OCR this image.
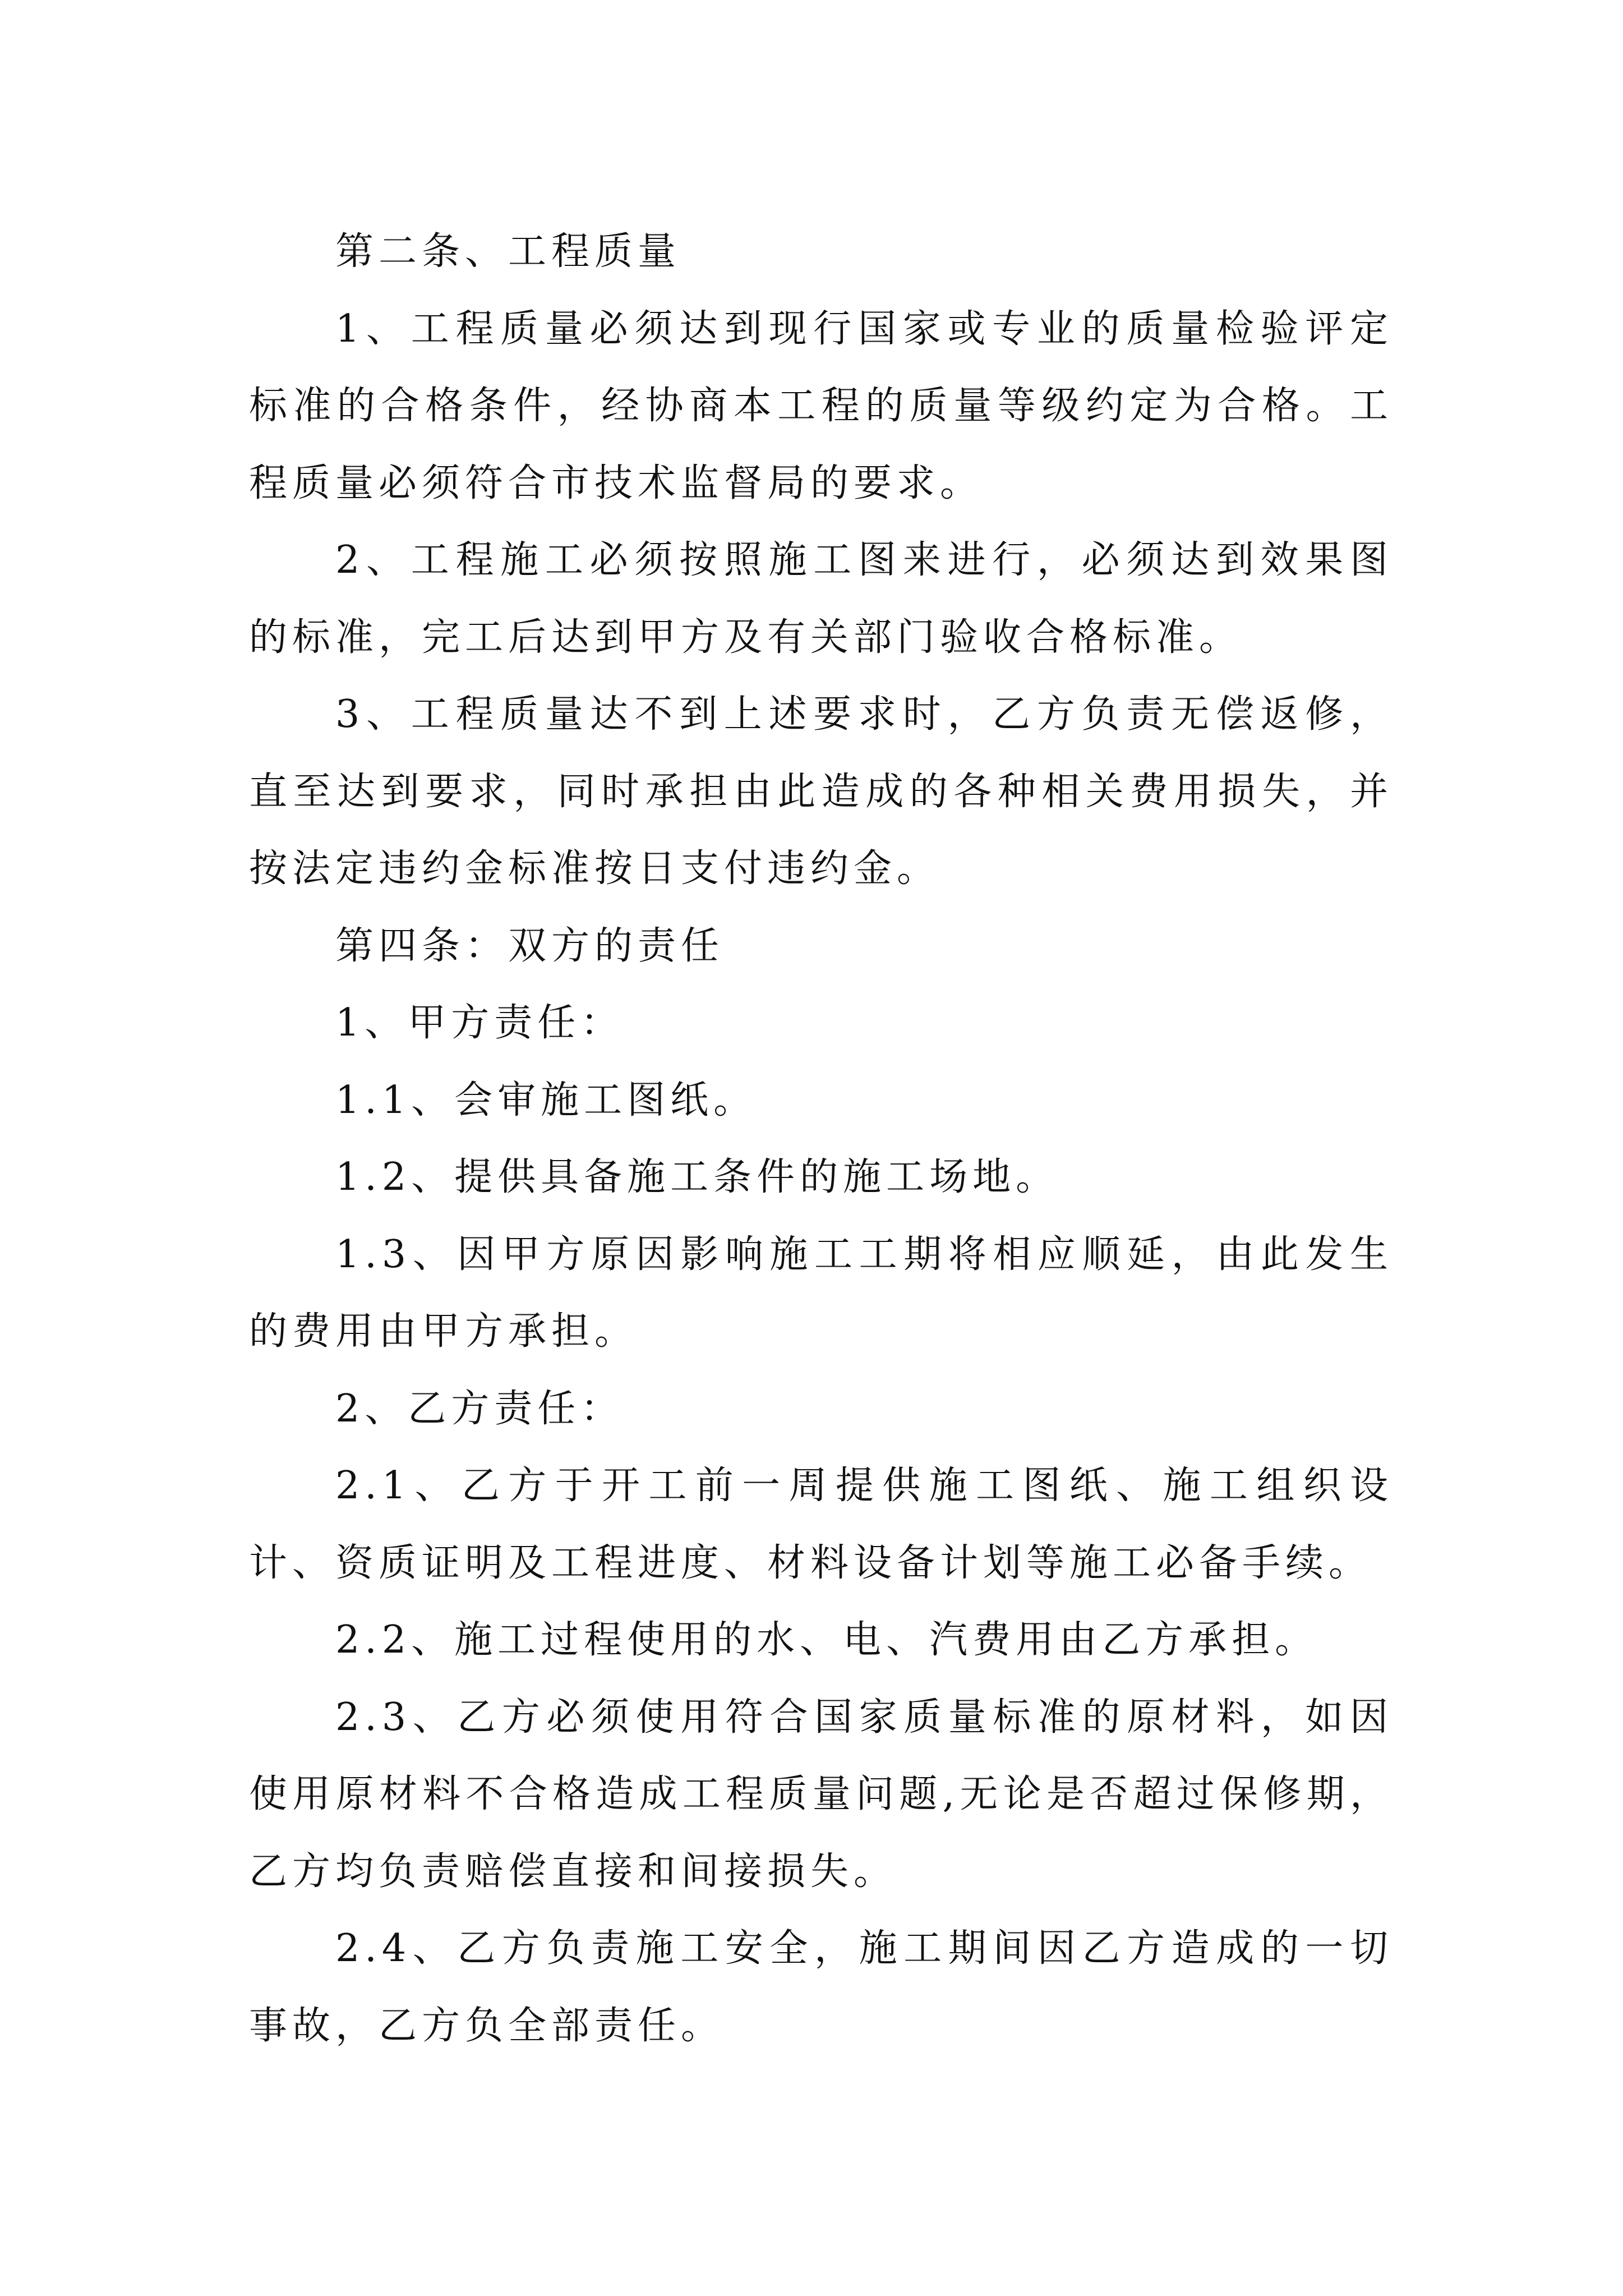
第二条、工程质量

1、工程质量必须达到现行国家或专业的质量检验评定标准的合格条件，经协商本工程的质量等级约定为合格。工程质量必须符合市技术监督局的要求。

2、工程施工必须按照施工图来进行，必须达到效果图的标准，完工后达到甲方及有关部门验收合格标准。

3、工程质量达不到上述要求时，乙方负责无偿返修，直至达到要求，同时承担由此造成的各种相关费用损失，并按法定违约金标准按日支付违约金。

第四条：双方的责任

1、甲方责任：

1.1、会审施工图纸。

1.2、提供具备施工条件的施工场地。

1.3、因甲方原因影响施工工期将相应顺延，由此发生的费用由甲方承担。

2、乙方责任：

2.1、乙方于开工前一周提供施工图纸、施工组织设计、资质证明及工程进度、材料设备计划等施工必备手续。

2.2、施工过程使用的水、电、汽费用由乙方承担。

2.3、乙方必须使用符合国家质量标准的原材料，如因使用原材料不合格造成工程质量问题,无论是否超过保修期，乙方均负责赔偿直接和间接损失。

2.4、乙方负责施工安全，施工期间因乙方造成的一切事故，乙方负全部责任。
